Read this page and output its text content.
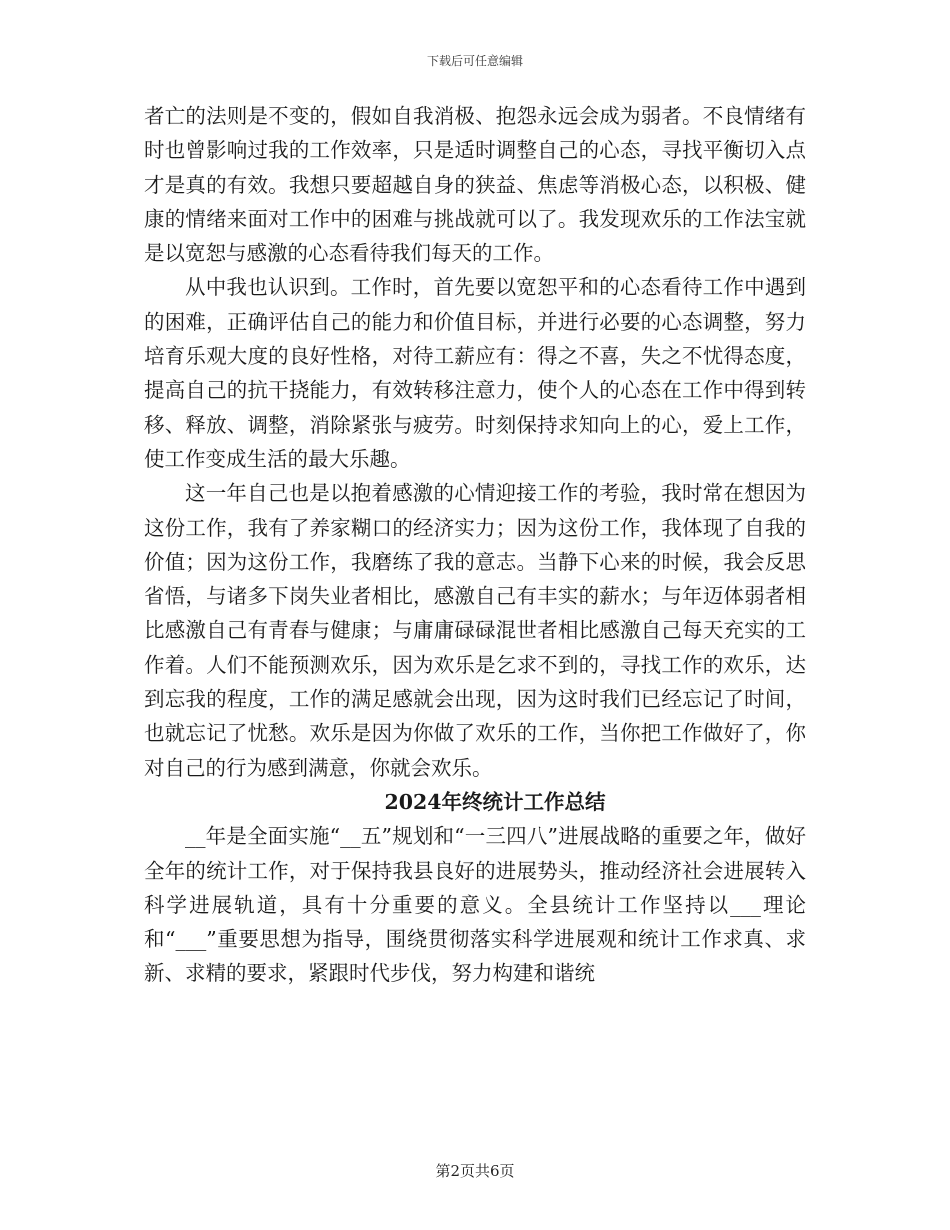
下载后可任意编辑

者亡的法则是不变的，假如自我消极、抱怨永远会成为弱者。不良情绪有时也曾影响过我的工作效率，只是适时调整自己的心态，寻找平衡切入点才是真的有效。我想只要超越自身的狭益、焦虑等消极心态，以积极、健康的情绪来面对工作中的困难与挑战就可以了。我发现欢乐的工作法宝就是以宽恕与感激的心态看待我们每天的工作。

从中我也认识到。工作时，首先要以宽恕平和的心态看待工作中遇到的困难，正确评估自己的能力和价值目标，并进行必要的心态调整，努力培育乐观大度的良好性格，对待工薪应有：得之不喜，失之不忧得态度，提高自己的抗干挠能力，有效转移注意力，使个人的心态在工作中得到转移、释放、调整，消除紧张与疲劳。时刻保持求知向上的心，爱上工作，使工作变成生活的最大乐趣。

这一年自己也是以抱着感激的心情迎接工作的考验，我时常在想因为这份工作，我有了养家糊口的经济实力；因为这份工作，我体现了自我的价值；因为这份工作，我磨练了我的意志。当静下心来的时候，我会反思省悟，与诸多下岗失业者相比，感激自己有丰实的薪水；与年迈体弱者相比感激自己有青春与健康；与庸庸碌碌混世者相比感激自己每天充实的工作着。人们不能预测欢乐，因为欢乐是乞求不到的，寻找工作的欢乐，达到忘我的程度，工作的满足感就会出现，因为这时我们已经忘记了时间，也就忘记了忧愁。欢乐是因为你做了欢乐的工作，当你把工作做好了，你对自己的行为感到满意，你就会欢乐。

2024年终统计工作总结

__年是全面实施“__五”规划和“一三四八”进展战略的重要之年，做好全年的统计工作，对于保持我县良好的进展势头，推动经济社会进展转入科学进展轨道，具有十分重要的意义。全县统计工作坚持以___理论和“___”重要思想为指导，围绕贯彻落实科学进展观和统计工作求真、求新、求精的要求，紧跟时代步伐，努力构建和谐统

第2页共6页
